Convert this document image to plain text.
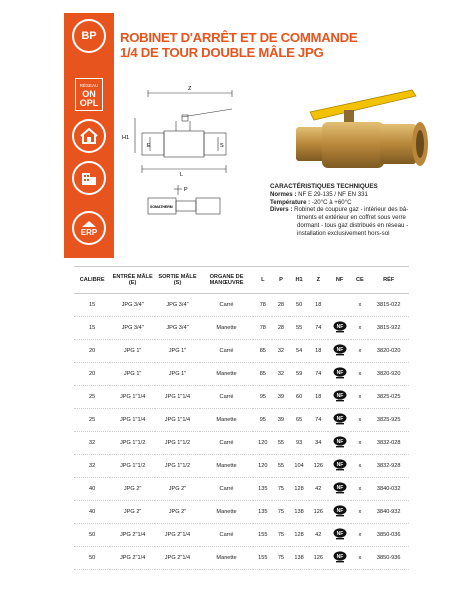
BP
RÉSEAU
ON
OPL
ERP
ROBINET D'ARRÊT ET DE COMMANDE
1/4 DE TOUR DOUBLE MÂLE JPG
Z
H1
E	S
L
P
SOMATHERM
CARACTÉRISTIQUES TECHNIQUES
Normes : NF E 29-135 / NF EN 331
Température : -20°C à +60°C
Divers : Robinet de coupure gaz - intérieur des bâ-
timents et extérieur en coffret sous verre
dormant - tous gaz distribués en réseau -
installation exclusivement hors-sol
CALIBRE	ENTRÉE MÂLE (E)	SORTIE MÂLE (S)	ORGANE DE MANŒUVRE	L	P	H1	Z	NF	CE	RÉF
15	JPG 3/4"	JPG 3/4"	Carré	78	28	50	18		x	3815-022
15	JPG 3/4"	JPG 3/4"	Manette	78	28	55	74	NF	x	3815-922
20	JPG 1"	JPG 1"	Carré	85	32	54	18	NF	x	3820-020
20	JPG 1"	JPG 1"	Manette	85	32	59	74	NF	x	3820-920
25	JPG 1"1/4	JPG 1"1/4	Carré	95	39	60	18	NF	x	3825-025
25	JPG 1"1/4	JPG 1"1/4	Manette	95	39	65	74	NF	x	3825-925
32	JPG 1"1/2	JPG 1"1/2	Carré	120	55	93	34	NF	x	3832-028
32	JPG 1"1/2	JPG 1"1/2	Manette	120	55	104	126	NF	x	3832-928
40	JPG 2"	JPG 2"	Carré	135	75	128	42	NF	x	3840-032
40	JPG 2"	JPG 2"	Manette	135	75	138	126	NF	x	3840-932
50	JPG 2"1/4	JPG 2"1/4	Carré	155	75	128	42	NF	x	3850-036
50	JPG 2"1/4	JPG 2"1/4	Manette	155	75	138	126	NF	x	3850-936
